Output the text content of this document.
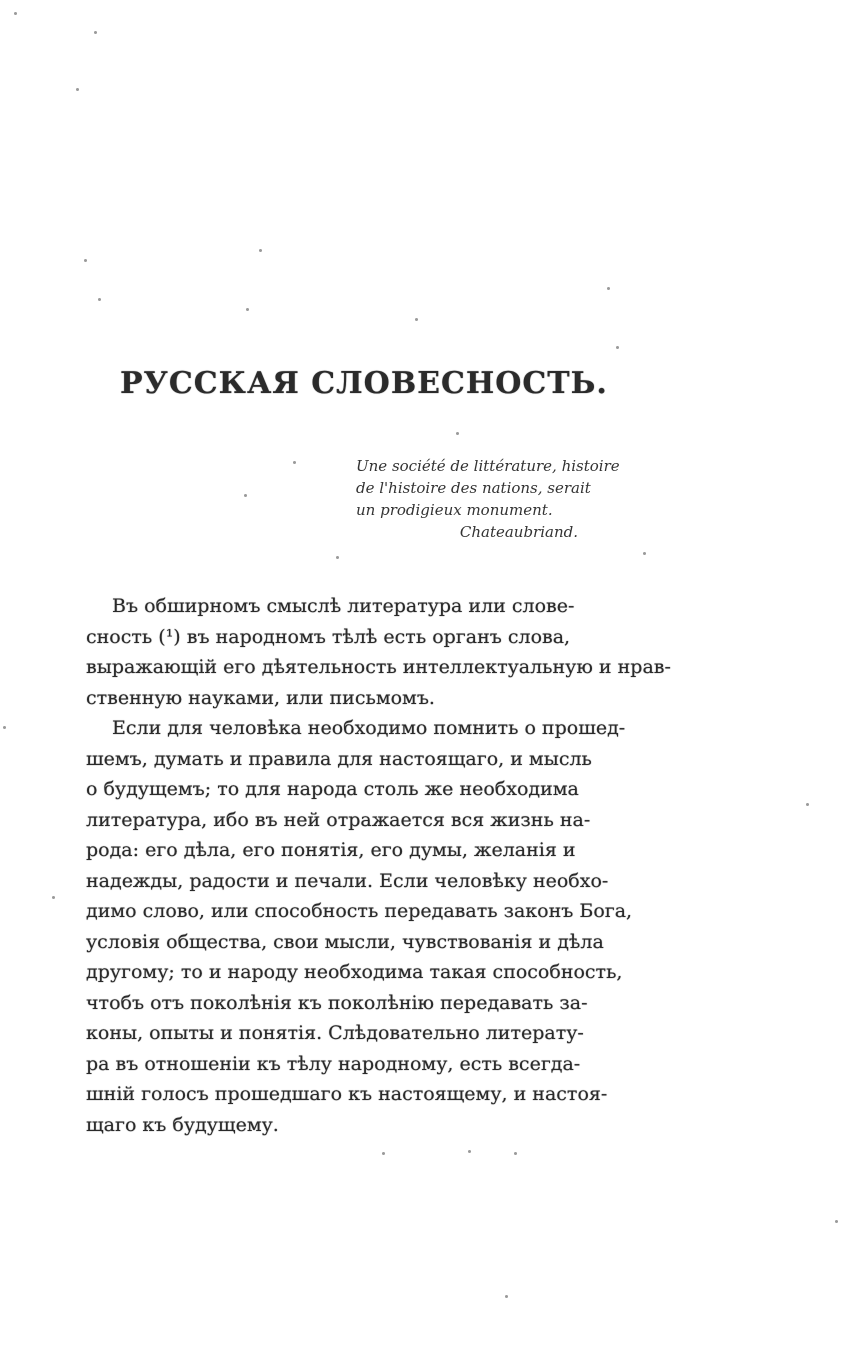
РУССКАЯ СЛОВЕСНОСТЬ.
Une société de littérature, histoire
de l'histoire des nations, serait
un prodigieux monument.
Chateaubriand.
Въ обширномъ смыслѣ литература или слове-
сность (¹) въ народномъ тѣлѣ есть органъ слова,
выражающій его дѣятельность интеллектуальную и нрав-
ственную науками, или письмомъ.
Если для человѣка необходимо помнить о прошед-
шемъ, думать и правила для настоящаго, и мысль
о будущемъ; то для народа столь же необходима
литература, ибо въ ней отражается вся жизнь на-
рода: его дѣла, его понятія, его думы, желанія и
надежды, радости и печали. Если человѣку необхо-
димо слово, или способность передавать законъ Бога,
условія общества, свои мысли, чувствованія и дѣла
другому; то и народу необходима такая способность,
чтобъ отъ поколѣнія къ поколѣнію передавать за-
коны, опыты и понятія. Слѣдовательно литерату-
ра въ отношеніи къ тѣлу народному, есть всегда-
шній голосъ прошедшаго къ настоящему, и настоя-
щаго къ будущему.
